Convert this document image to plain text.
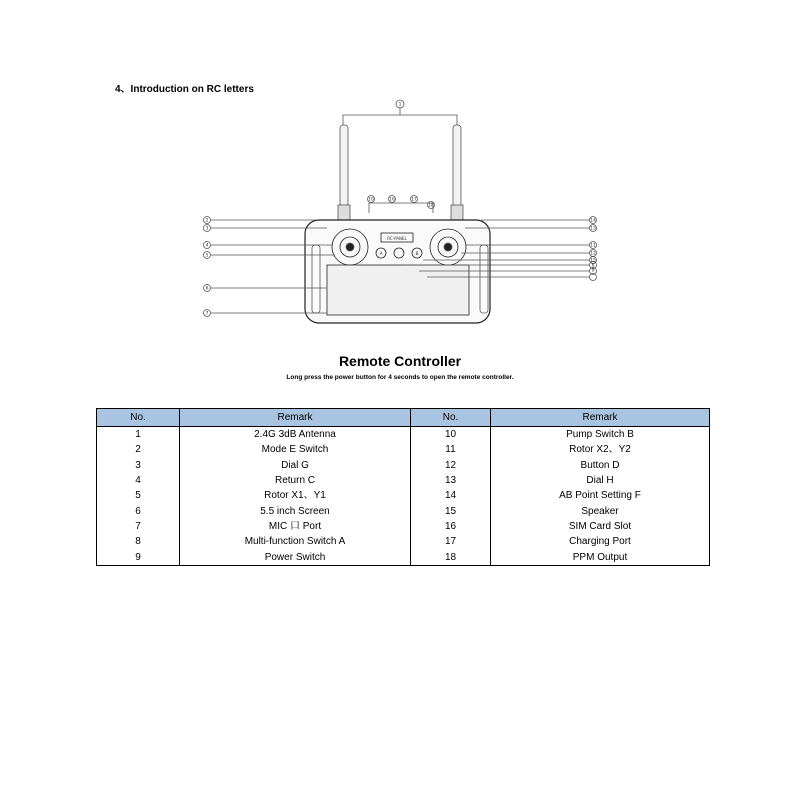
4、Introduction on RC letters
1
2
3
4
5
6
7
8
9
10
11
12
13
14
15
16	17
18
A	B
RC-PANEL
Remote Controller
Long press the power button for 4 seconds to open the remote controller.
No.	Remark	No.	Remark
1	2.4G 3dB Antenna	10	Pump Switch B
2	Mode E Switch	11	Rotor X2、Y2
3	Dial G	12	Button D
4	Return C	13	Dial H
5	Rotor X1、Y1	14	AB Point Setting F
6	5.5 inch Screen	15	Speaker
7	MIC 口 Port	16	SIM Card Slot
8	Multi-function Switch A	17	Charging Port
9	Power Switch	18	PPM Output
